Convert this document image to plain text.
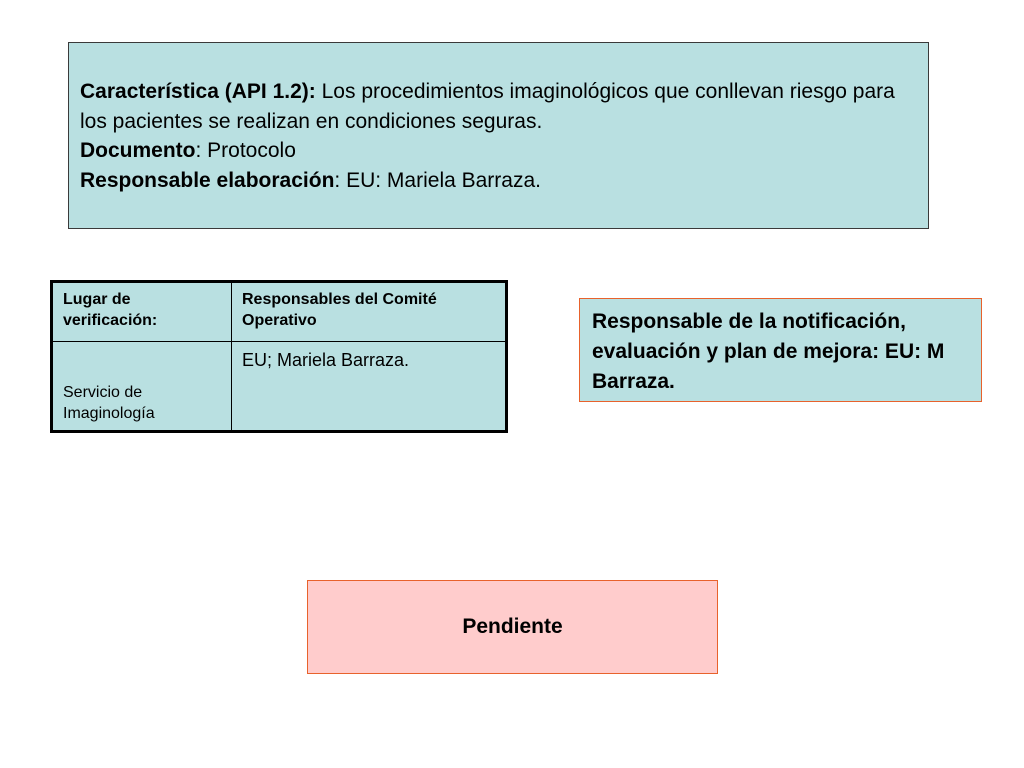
Característica (API 1.2): Los procedimientos imaginológicos que conllevan riesgo para los pacientes se realizan en condiciones seguras.

Documento: Protocolo

Responsable elaboración: EU: Mariela Barraza.

Lugar de verificación:	Responsables del Comité Operativo
Servicio de Imaginología	EU; Mariela Barraza.
Responsable de la notificación, evaluación y plan de mejora: EU: M Barraza.
Pendiente
